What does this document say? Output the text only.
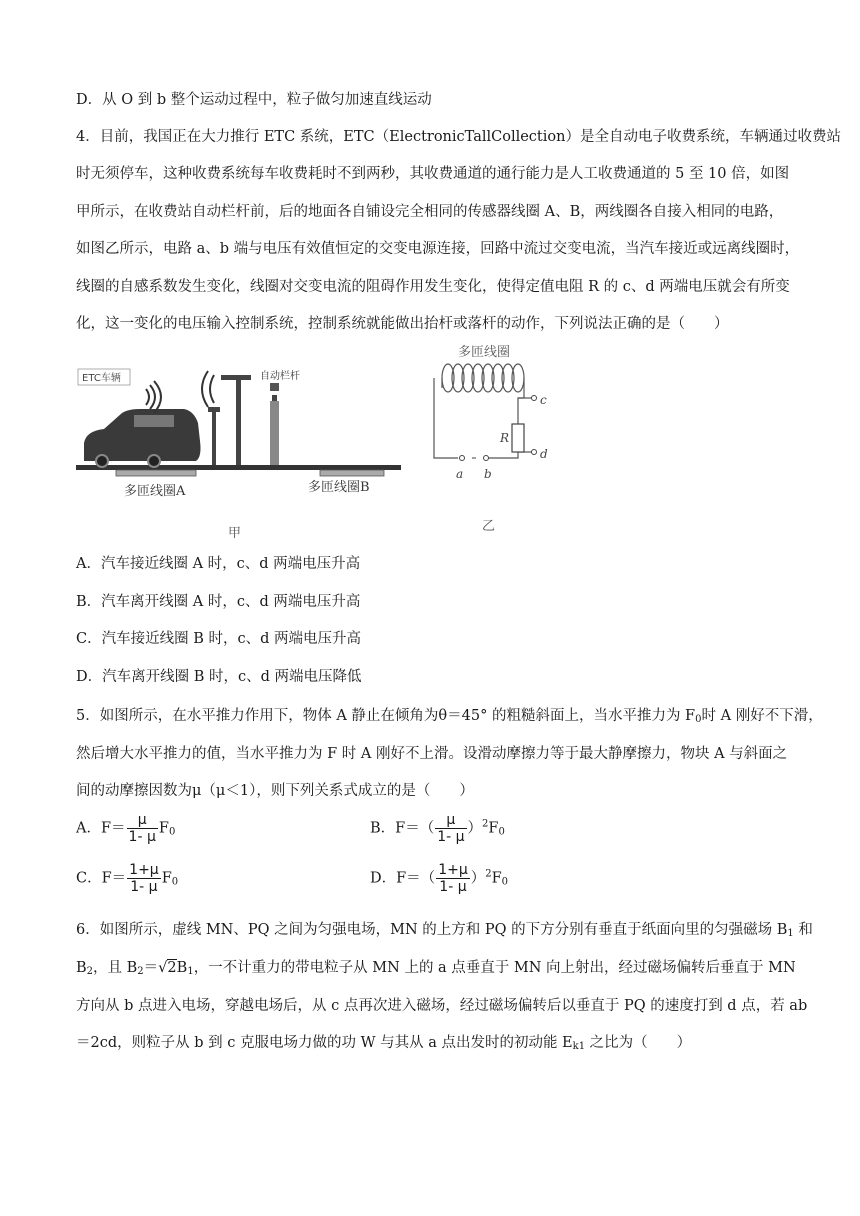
D．从 O 到 b 整个运动过程中，粒子做匀加速直线运动
4．目前，我国正在大力推行 ETC 系统，ETC（ElectronicTallCollection）是全自动电子收费系统，车辆通过收费站
时无须停车，这种收费系统每车收费耗时不到两秒，其收费通道的通行能力是人工收费通道的 5 至 10 倍，如图
甲所示，在收费站自动栏杆前，后的地面各自铺设完全相同的传感器线圈 A、B，两线圈各自接入相同的电路，
如图乙所示，电路 a、b 端与电压有效值恒定的交变电源连接，回路中流过交变电流，当汽车接近或远离线圈时，
线圈的自感系数发生变化，线圈对交变电流的阻碍作用发生变化，使得定值电阻 R 的 c、d 两端电压就会有所变
化，这一变化的电压输入控制系统，控制系统就能做出抬杆或落杆的动作，下列说法正确的是（　　）
ETC车辆	自动栏杆
多匝线圈A	多匝线圈B
甲
多匝线圈
c
d
R
a b
乙
A．汽车接近线圈 A 时，c、d 两端电压升高
B．汽车离开线圈 A 时，c、d 两端电压升高
C．汽车接近线圈 B 时，c、d 两端电压升高
D．汽车离开线圈 B 时，c、d 两端电压降低
5．如图所示，在水平推力作用下，物体 A 静止在倾角为θ＝45° 的粗糙斜面上，当水平推力为 $F_0$时 A 刚好不下滑，
然后增大水平推力的值，当水平推力为 F 时 A 刚好不上滑。设滑动摩擦力等于最大静摩擦力，物块 A 与斜面之
间的动摩擦因数为μ（μ＜1），则下列关系式成立的是（　　）
A．$F= \frac{\mu}{1- \mu} F_0$	B．$F=( \frac{\mu}{1- \mu} )^2F_0$
C．$F= \frac{1+\mu}{1- \mu} F_0$	D．$F=( \frac{1+\mu}{1- \mu} )^2F_0$
6．如图所示，虚线 MN、PQ 之间为匀强电场，MN 的上方和 PQ 的下方分别有垂直于纸面向里的匀强磁场 $B_1$ 和
$B_2$，且 $B_2=√2B_1$，一不计重力的带电粒子从 MN 上的 a 点垂直于 MN 向上射出，经过磁场偏转后垂直于 MN
方向从 b 点进入电场，穿越电场后，从 c 点再次进入磁场，经过磁场偏转后以垂直于 PQ 的速度打到 d 点，若 ab
＝2cd，则粒子从 b 到 c 克服电场力做的功 W 与其从 a 点出发时的初动能 $E_{k1}$ 之比为（　　）
